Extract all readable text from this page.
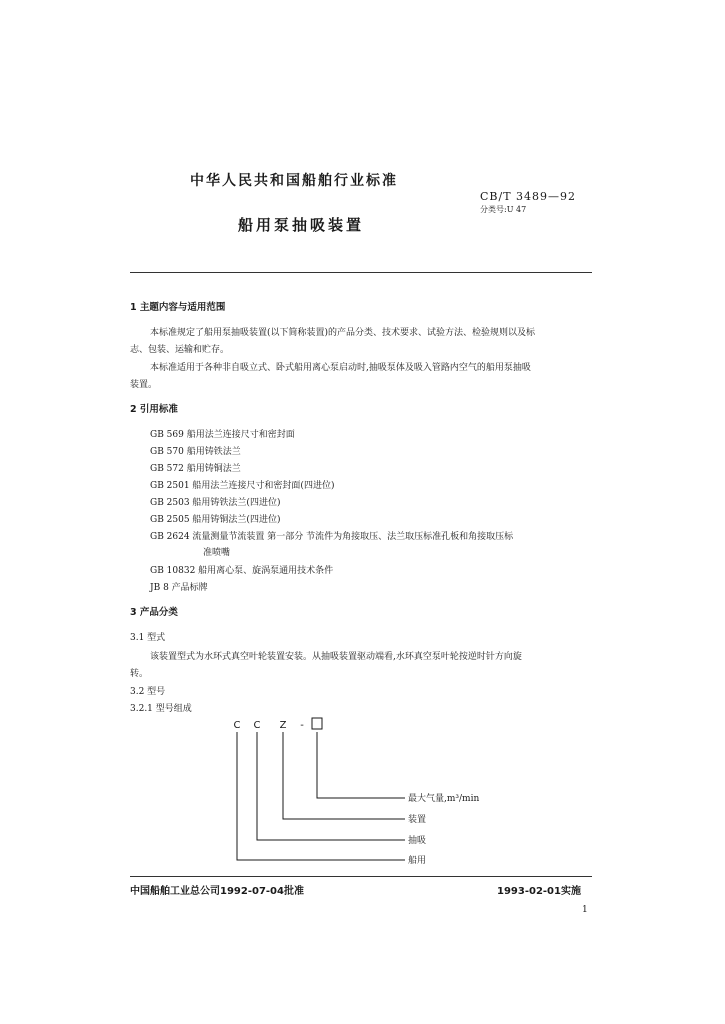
中华人民共和国船舶行业标准
CB/T 3489—92
分类号:U 47
船用泵抽吸装置
1 主题内容与适用范围
本标准规定了船用泵抽吸装置(以下简称装置)的产品分类、技术要求、试验方法、检验规则以及标
志、包装、运输和贮存。
本标准适用于各种非自吸立式、卧式船用离心泵启动时,抽吸泵体及吸入管路内空气的船用泵抽吸
装置。
2 引用标准
GB 569 船用法兰连接尺寸和密封面
GB 570 船用铸铁法兰
GB 572 船用铸铜法兰
GB 2501 船用法兰连接尺寸和密封面(四进位)
GB 2503 船用铸铁法兰(四进位)
GB 2505 船用铸铜法兰(四进位)
GB 2624 流量测量节流装置 第一部分 节流件为角接取压、法兰取压标准孔板和角接取压标
准喷嘴
GB 10832 船用离心泵、旋涡泵通用技术条件
JB 8 产品标牌
3 产品分类
3.1 型式
该装置型式为水环式真空叶轮装置安装。从抽吸装置驱动端看,水环真空泵叶轮按逆时针方向旋
转。
3.2 型号
3.2.1 型号组成
C C Z -
最大气量,m³/min
装置
抽吸
船用
中国船舶工业总公司1992-07-04批准	1993-02-01实施
1
